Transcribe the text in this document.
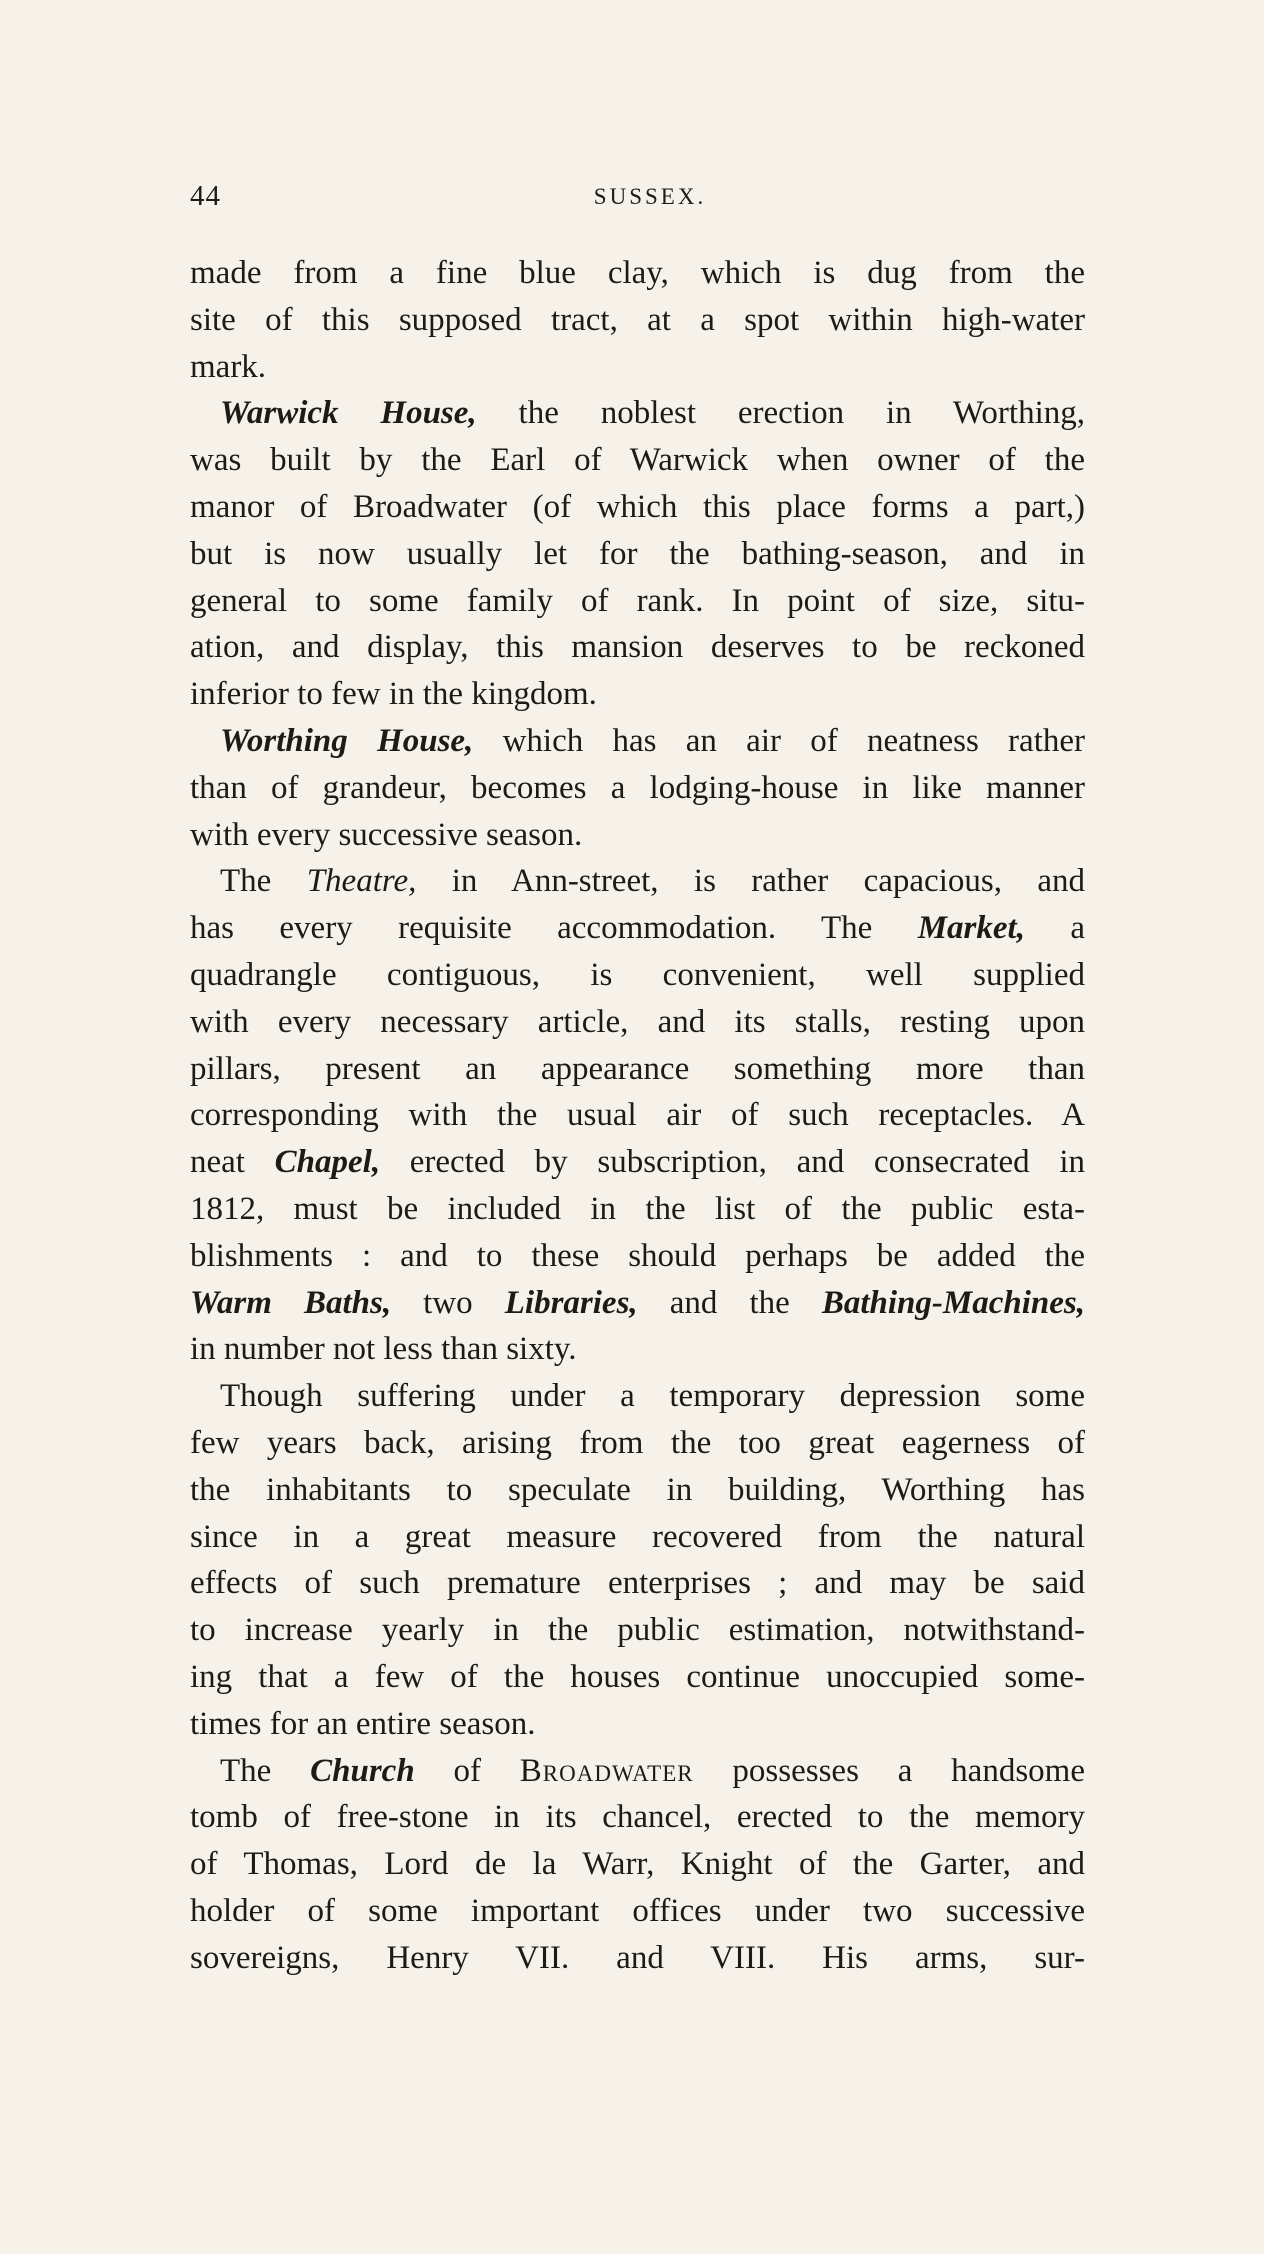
44	SUSSEX.

made from a fine blue clay, which is dug from the

site of this supposed tract, at a spot within high-water

mark.

Warwick House, the noblest erection in Worthing,

was built by the Earl of Warwick when owner of the

manor of Broadwater (of which this place forms a part,)

but is now usually let for the bathing-season, and in

general to some family of rank. In point of size, situ-

ation, and display, this mansion deserves to be reckoned

inferior to few in the kingdom.

Worthing House, which has an air of neatness rather

than of grandeur, becomes a lodging-house in like manner

with every successive season.

The Theatre, in Ann-street, is rather capacious, and

has every requisite accommodation. The Market, a

quadrangle contiguous, is convenient, well supplied

with every necessary article, and its stalls, resting upon

pillars, present an appearance something more than

corresponding with the usual air of such receptacles. A

neat Chapel, erected by subscription, and consecrated in

1812, must be included in the list of the public esta-

blishments : and to these should perhaps be added the

Warm Baths, two Libraries, and the Bathing-Machines,

in number not less than sixty.

Though suffering under a temporary depression some

few years back, arising from the too great eagerness of

the inhabitants to speculate in building, Worthing has

since in a great measure recovered from the natural

effects of such premature enterprises ; and may be said

to increase yearly in the public estimation, notwithstand-

ing that a few of the houses continue unoccupied some-

times for an entire season.

The Church of Broadwater possesses a handsome

tomb of free-stone in its chancel, erected to the memory

of Thomas, Lord de la Warr, Knight of the Garter, and

holder of some important offices under two successive

sovereigns, Henry VII. and VIII. His arms, sur-
